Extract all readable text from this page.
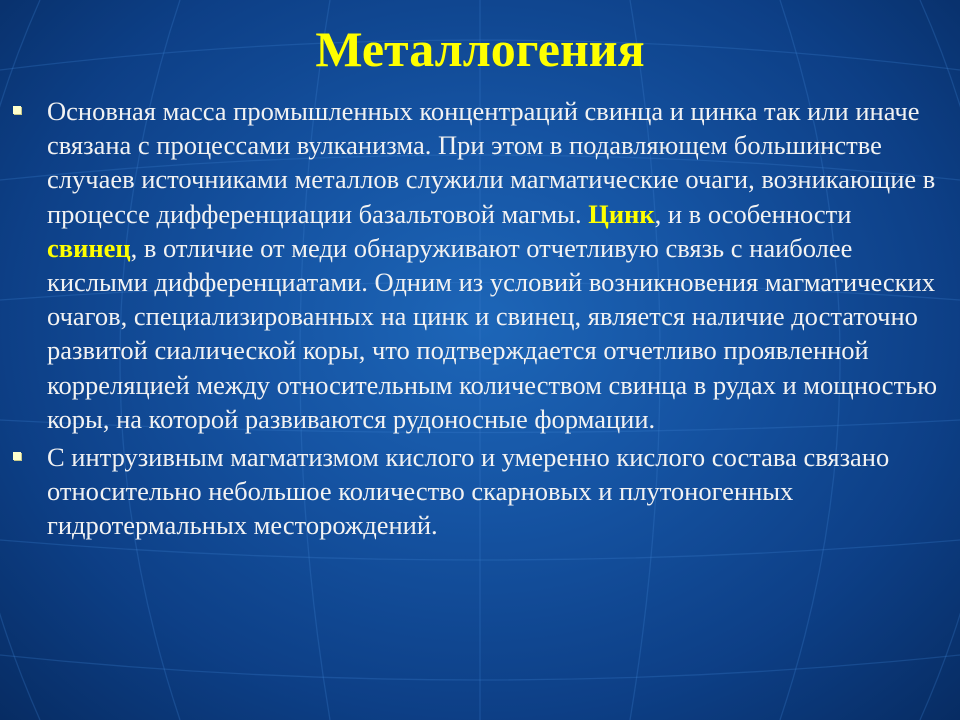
Металлогения

Основная масса промышленных концентраций свинца и цинка так или иначе связана с процессами вулканизма. При этом в подавляющем большинстве случаев источниками металлов служили магматические очаги, возникающие в процессе дифференциации базальтовой магмы. Цинк, и в особенности свинец, в отличие от меди обнаруживают отчетливую связь с наиболее кислыми дифференциатами. Одним из условий возникновения магматических очагов, специализированных на цинк и свинец, является наличие достаточно развитой сиалической коры, что подтверждается отчетливо проявленной корреляцией между относительным количеством свинца в рудах и мощностью коры, на которой развиваются рудоносные формации.

С интрузивным магматизмом кислого и умеренно кислого состава связано относительно небольшое количество скарновых и плутоногенных гидротермальных месторождений.
